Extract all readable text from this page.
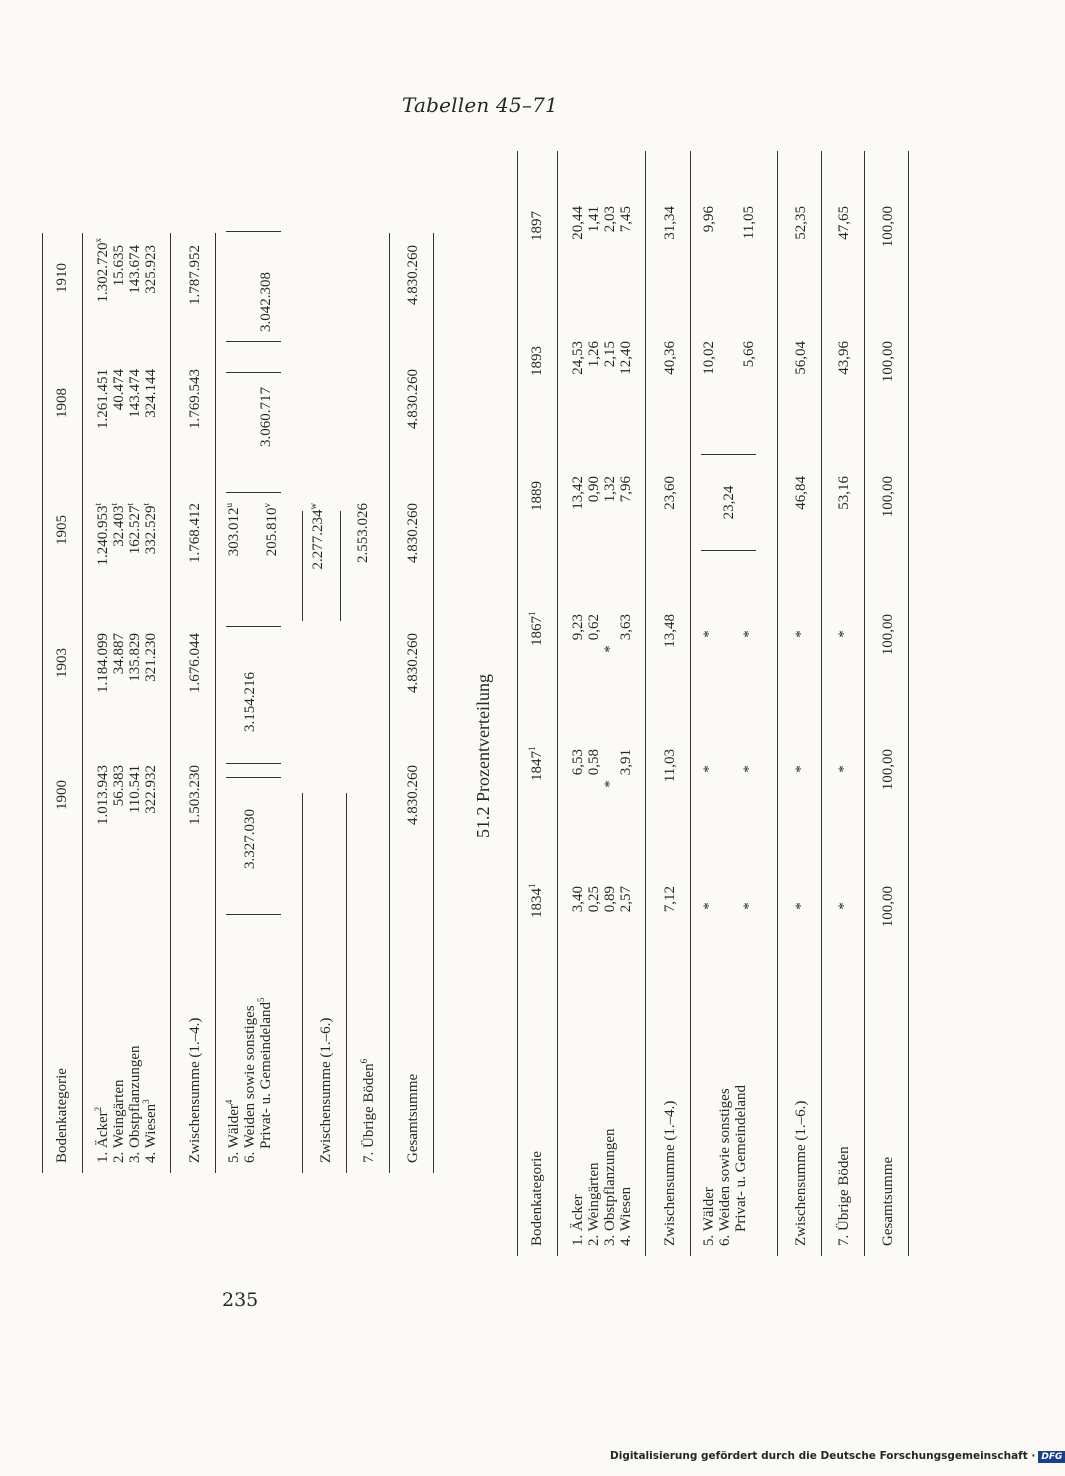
Tabellen 45–71
Bodenkategorie
1900
1903
1905
1908
1910
1. Äcker$^2$ 2. Weingärten 3. Obstpflanzungen 4. Wiesen$^3$
1.013.943 56.383 110.541 322.932
1.184.099 34.887 135.829 321.230
1.240.953$^t$
32.403$^t$
162.527$^t$
332.529$^t$
1.261.451 40.474 143.474 324.144
1.302.720$^x$
15.635 143.674 325.923
Zwischensumme (1.–4.)
1.503.230
1.676.044
1.768.412
1.769.543
1.787.952
5. Wälder$^4$ 6. Weiden sowie sonstiges Privat- u. Gemeindeland$^5$
3.327.030
3.154.216
303.012$^u$
205.810$^v$
3.060.717
3.042.308
Zwischensumme (1.–6.)
2.277.234$^w$
7. Übrige Böden$^6$
2.553.026
Gesamtsumme
4.830.260
4.830.260
4.830.260
4.830.260
4.830.260
51.2 Prozentverteilung
Bodenkategorie
1834$^1$
1847$^1$
1867$^1$
1889
1893
1897
1. Äcker 2. Weingärten 3. Obstpflanzungen 4. Wiesen
3,40 0,25 0,89 2,57
6,53 0,58
*
3,91
9,23 0,62
*
3,63
13,42 0,90 1,32 7,96
24,53 1,26 2,15 12,40
20,44 1,41 2,03 7,45
Zwischensumme (1.–4.)
7,12
11,03
13,48
23,60
40,36
31,34
5. Wälder 6. Weiden sowie sonstiges Privat- u. Gemeindeland
*
*
*
10,02
9,96
*
*
*
5,66
11,05
23,24
Zwischensumme (1.–6.)
*
*
*
46,84
56,04
52,35
7. Übrige Böden
*
*
*
53,16
43,96
47,65
Gesamtsumme
100,00
100,00
100,00
100,00
100,00
100,00
235
Digitalisierung gefördert durch die Deutsche Forschungsgemeinschaft · DFG
